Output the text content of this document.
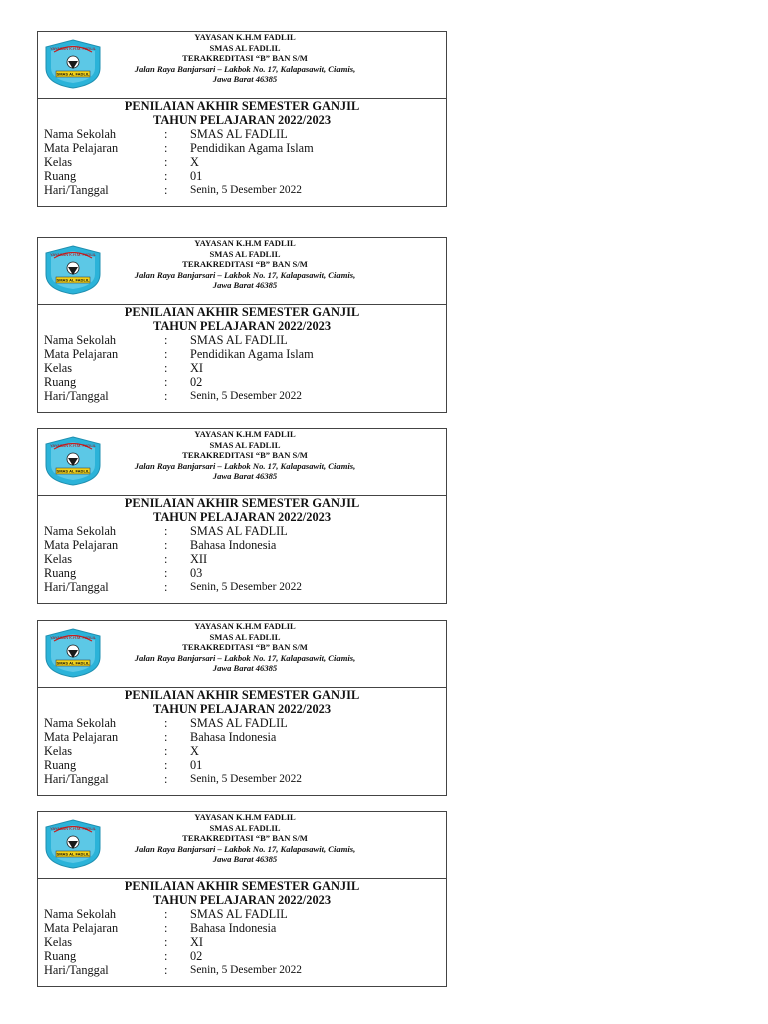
YAYASAN K.H.M. FADLIL
SMAS AL FADLIL
YAYASAN K.H.M FADLIL
SMAS AL FADLIL
TERAKREDITASI “B” BAN S/M
Jalan Raya Banjarsari – Lakbok No. 17, Kalapasawit, Ciamis,
Jawa Barat 46385
PENILAIAN AKHIR SEMESTER GANJIL
TAHUN PELAJARAN 2022/2023
Nama Sekolah	: SMAS AL FADLIL
Mata Pelajaran	: Pendidikan Agama Islam
Kelas	: X
Ruang	: 01
Hari/Tanggal	: Senin, 5 Desember 2022
YAYASAN K.H.M. FADLIL
SMAS AL FADLIL
YAYASAN K.H.M FADLIL
SMAS AL FADLIL
TERAKREDITASI “B” BAN S/M
Jalan Raya Banjarsari – Lakbok No. 17, Kalapasawit, Ciamis,
Jawa Barat 46385
PENILAIAN AKHIR SEMESTER GANJIL
TAHUN PELAJARAN 2022/2023
Nama Sekolah	: SMAS AL FADLIL
Mata Pelajaran	: Pendidikan Agama Islam
Kelas	: XI
Ruang	: 02
Hari/Tanggal	: Senin, 5 Desember 2022
YAYASAN K.H.M. FADLIL
SMAS AL FADLIL
YAYASAN K.H.M FADLIL
SMAS AL FADLIL
TERAKREDITASI “B” BAN S/M
Jalan Raya Banjarsari – Lakbok No. 17, Kalapasawit, Ciamis,
Jawa Barat 46385
PENILAIAN AKHIR SEMESTER GANJIL
TAHUN PELAJARAN 2022/2023
Nama Sekolah	: SMAS AL FADLIL
Mata Pelajaran	: Bahasa Indonesia
Kelas	: XII
Ruang	: 03
Hari/Tanggal	: Senin, 5 Desember 2022
YAYASAN K.H.M. FADLIL
SMAS AL FADLIL
YAYASAN K.H.M FADLIL
SMAS AL FADLIL
TERAKREDITASI “B” BAN S/M
Jalan Raya Banjarsari – Lakbok No. 17, Kalapasawit, Ciamis,
Jawa Barat 46385
PENILAIAN AKHIR SEMESTER GANJIL
TAHUN PELAJARAN 2022/2023
Nama Sekolah	: SMAS AL FADLIL
Mata Pelajaran	: Bahasa Indonesia
Kelas	: X
Ruang	: 01
Hari/Tanggal	: Senin, 5 Desember 2022
YAYASAN K.H.M. FADLIL
SMAS AL FADLIL
YAYASAN K.H.M FADLIL
SMAS AL FADLIL
TERAKREDITASI “B” BAN S/M
Jalan Raya Banjarsari – Lakbok No. 17, Kalapasawit, Ciamis,
Jawa Barat 46385
PENILAIAN AKHIR SEMESTER GANJIL
TAHUN PELAJARAN 2022/2023
Nama Sekolah	: SMAS AL FADLIL
Mata Pelajaran	: Bahasa Indonesia
Kelas	: XI
Ruang	: 02
Hari/Tanggal	: Senin, 5 Desember 2022
